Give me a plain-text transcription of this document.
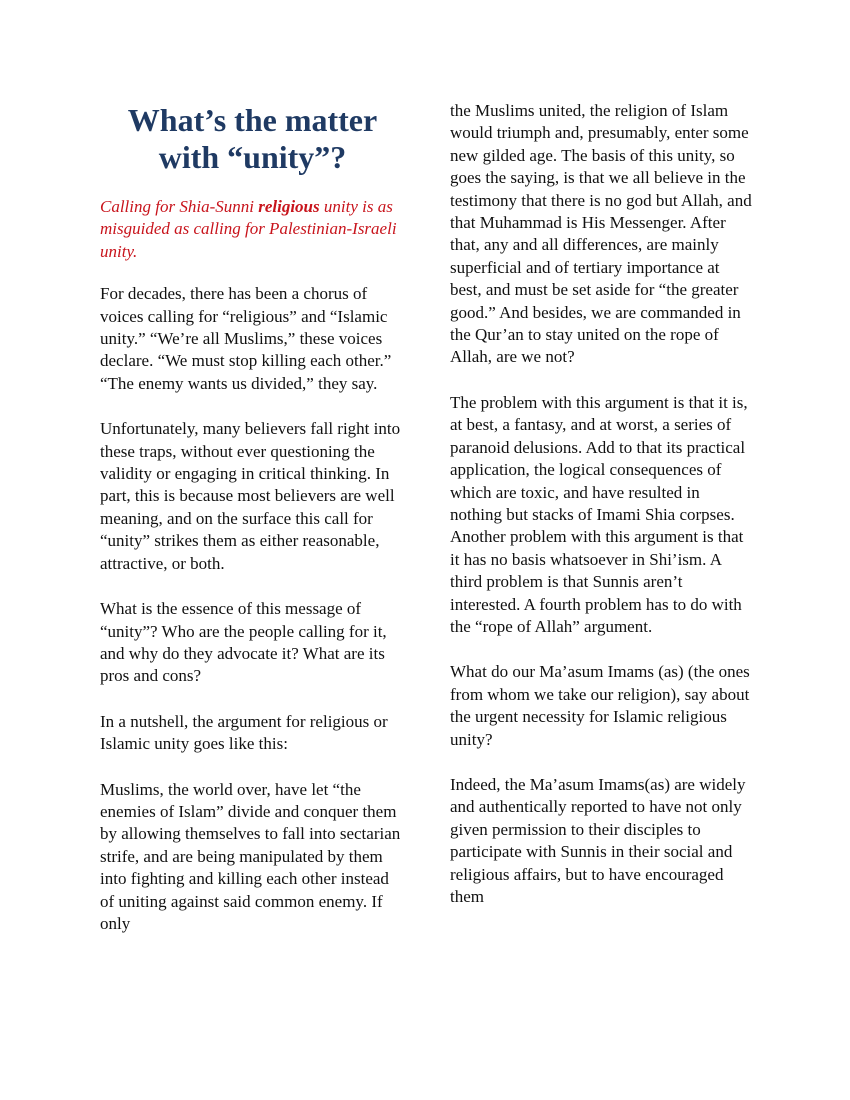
What’s the matter with “unity”?

Calling for Shia-Sunni religious unity is as misguided as calling for Palestinian-Israeli unity.

For decades, there has been a chorus of voices calling for “religious” and “Islamic unity.” “We’re all Muslims,” these voices declare. “We must stop killing each other.” “The enemy wants us divided,” they say.

Unfortunately, many believers fall right into these traps, without ever questioning the validity or engaging in critical thinking. In part, this is because most believers are well meaning, and on the surface this call for “unity” strikes them as either reasonable, attractive, or both.

What is the essence of this message of “unity”? Who are the people calling for it, and why do they advocate it? What are its pros and cons?

In a nutshell, the argument for religious or Islamic unity goes like this:

Muslims, the world over, have let “the enemies of Islam” divide and conquer them by allowing themselves to fall into sectarian strife, and are being manipulated by them into fighting and killing each other instead of uniting against said common enemy. If only

the Muslims united, the religion of Islam would triumph and, presumably, enter some new gilded age. The basis of this unity, so goes the saying, is that we all believe in the testimony that there is no god but Allah, and that Muhammad is His Messenger. After that, any and all differences, are mainly superficial and of tertiary importance at best, and must be set aside for “the greater good.” And besides, we are commanded in the Qur’an to stay united on the rope of Allah, are we not?

The problem with this argument is that it is, at best, a fantasy, and at worst, a series of paranoid delusions. Add to that its practical application, the logical consequences of which are toxic, and have resulted in nothing but stacks of Imami Shia corpses. Another problem with this argument is that it has no basis whatsoever in Shi’ism. A third problem is that Sunnis aren’t interested. A fourth problem has to do with the “rope of Allah” argument.

What do our Ma’asum Imams (as) (the ones from whom we take our religion), say about the urgent necessity for Islamic religious unity?

Indeed, the Ma’asum Imams(as) are widely and authentically reported to have not only given permission to their disciples to participate with Sunnis in their social and religious affairs, but to have encouraged them
